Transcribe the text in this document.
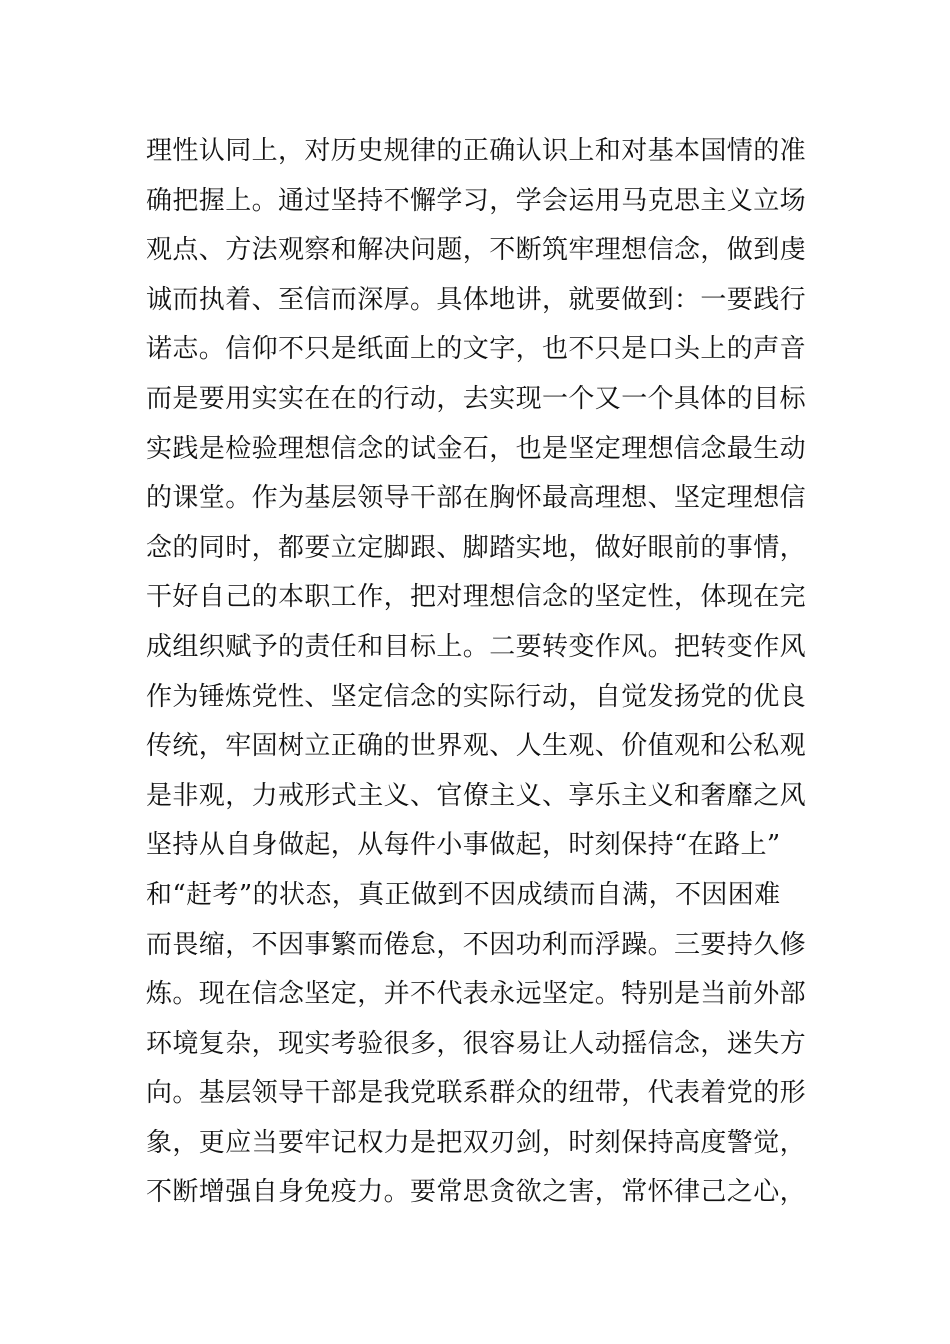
理性认同上，对历史规律的正确认识上和对基本国情的准
确把握上。通过坚持不懈学习，学会运用马克思主义立场
观点、方法观察和解决问题，不断筑牢理想信念，做到虔
诚而执着、至信而深厚。具体地讲，就要做到：一要践行
诺志。信仰不只是纸面上的文字，也不只是口头上的声音
而是要用实实在在的行动，去实现一个又一个具体的目标
实践是检验理想信念的试金石，也是坚定理想信念最生动
的课堂。作为基层领导干部在胸怀最高理想、坚定理想信
念的同时，都要立定脚跟、脚踏实地，做好眼前的事情，
干好自己的本职工作，把对理想信念的坚定性，体现在完
成组织赋予的责任和目标上。二要转变作风。把转变作风
作为锤炼党性、坚定信念的实际行动，自觉发扬党的优良
传统，牢固树立正确的世界观、人生观、价值观和公私观
是非观，力戒形式主义、官僚主义、享乐主义和奢靡之风
坚持从自身做起，从每件小事做起，时刻保持“在路上”
和“赶考”的状态，真正做到不因成绩而自满，不因困难
而畏缩，不因事繁而倦怠，不因功利而浮躁。三要持久修
炼。现在信念坚定，并不代表永远坚定。特别是当前外部
环境复杂，现实考验很多，很容易让人动摇信念，迷失方
向。基层领导干部是我党联系群众的纽带，代表着党的形
象，更应当要牢记权力是把双刃剑，时刻保持高度警觉，
不断增强自身免疫力。要常思贪欲之害，常怀律己之心，
